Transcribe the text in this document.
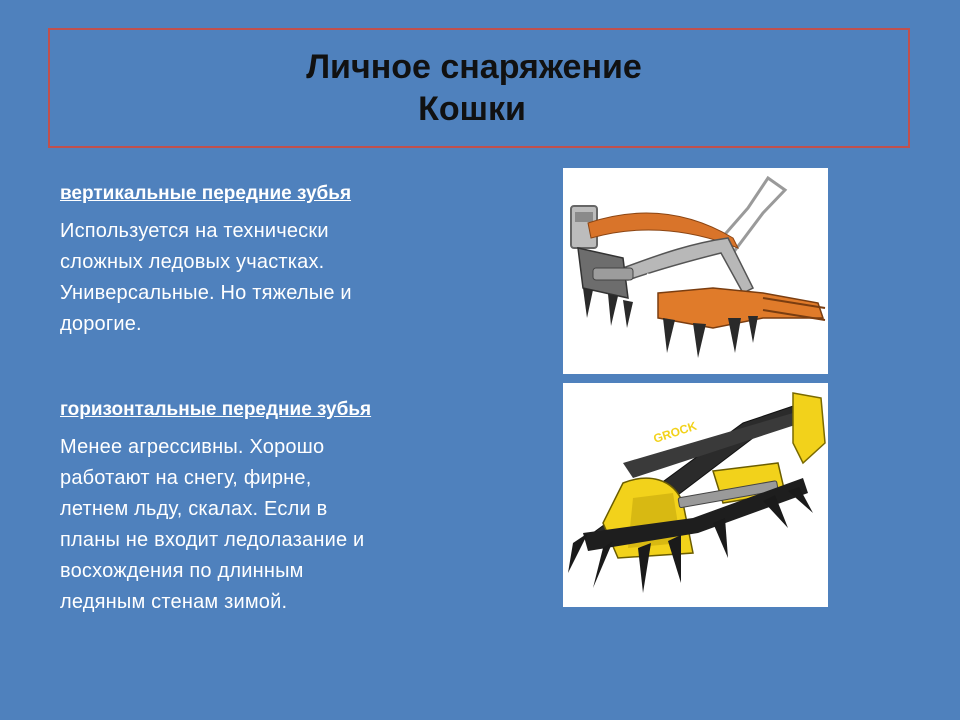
Личное снаряжение
Кошки
вертикальные передние зубья
Используется на технически
сложных ледовых участках.
Универсальные. Но тяжелые и
дорогие.
горизонтальные передние зубья
Менее агрессивны. Хорошо
работают на снегу, фирне,
летнем льду, скалах. Если в
планы не входит ледолазание и
восхождения по длинным
ледяным стенам зимой.
PETZL
GROCK
